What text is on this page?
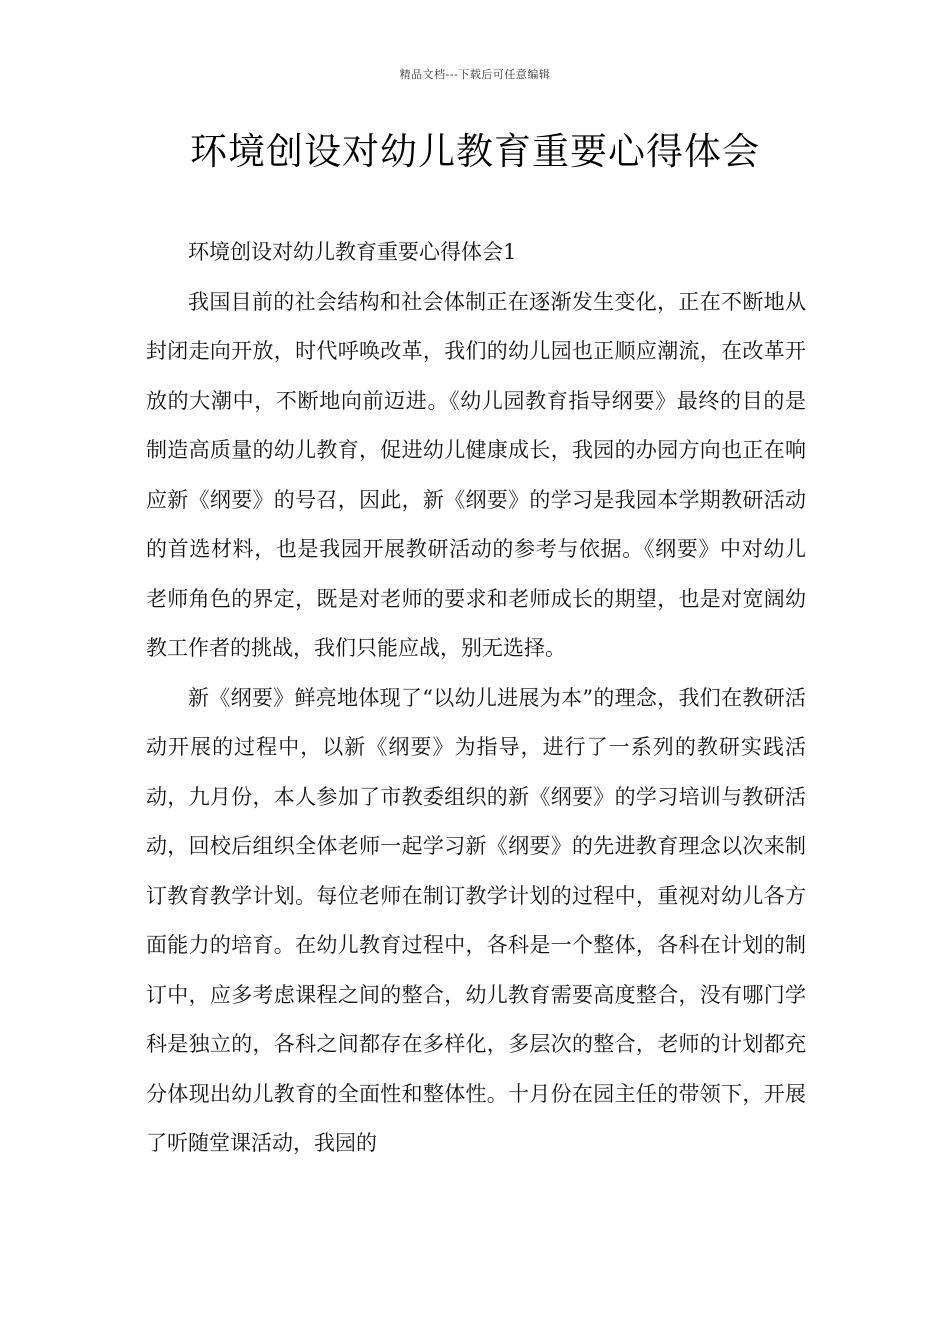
精品文档---下载后可任意编辑
环境创设对幼儿教育重要心得体会

环境创设对幼儿教育重要心得体会1

我国目前的社会结构和社会体制正在逐渐发生变化，正在不断地从封闭走向开放，时代呼唤改革，我们的幼儿园也正顺应潮流，在改革开放的大潮中，不断地向前迈进。《幼儿园教育指导纲要》最终的目的是制造高质量的幼儿教育，促进幼儿健康成长，我园的办园方向也正在响应新《纲要》的号召，因此，新《纲要》的学习是我园本学期教研活动的首选材料，也是我园开展教研活动的参考与依据。《纲要》中对幼儿老师角色的界定，既是对老师的要求和老师成长的期望，也是对宽阔幼教工作者的挑战，我们只能应战，别无选择。

新《纲要》鲜亮地体现了“以幼儿进展为本”的理念，我们在教研活动开展的过程中，以新《纲要》为指导，进行了一系列的教研实践活动，九月份，本人参加了市教委组织的新《纲要》的学习培训与教研活动，回校后组织全体老师一起学习新《纲要》的先进教育理念以次来制订教育教学计划。每位老师在制订教学计划的过程中，重视对幼儿各方面能力的培育。在幼儿教育过程中，各科是一个整体，各科在计划的制订中，应多考虑课程之间的整合，幼儿教育需要高度整合，没有哪门学科是独立的，各科之间都存在多样化，多层次的整合，老师的计划都充分体现出幼儿教育的全面性和整体性。十月份在园主任的带领下，开展了听随堂课活动，我园的
